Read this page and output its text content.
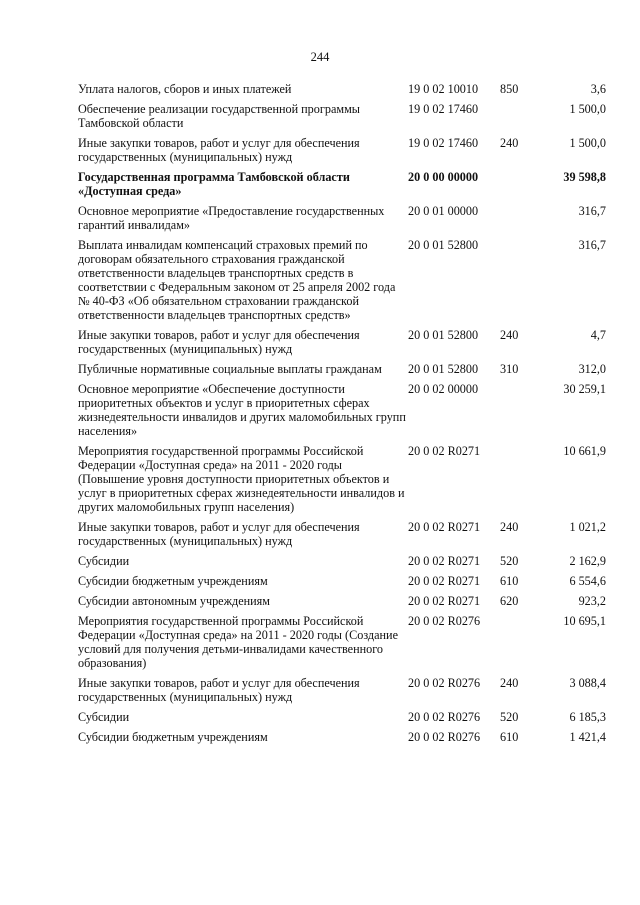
244
Уплата налогов, сборов и иных платежей	19 0 02 10010	850	3,6
Обеспечение реализации государственной программы Тамбовской области	19 0 02 17460		1 500,0
Иные закупки товаров, работ и услуг для обеспечения государственных (муниципальных) нужд	19 0 02 17460	240	1 500,0
Государственная программа Тамбовской области «Доступная среда»	20 0 00 00000		39 598,8
Основное мероприятие «Предоставление государственных гарантий инвалидам»	20 0 01 00000		316,7
Выплата инвалидам компенсаций страховых премий по договорам обязательного страхования гражданской ответственности владельцев транспортных средств в соответствии с Федеральным законом от 25 апреля 2002 года № 40-ФЗ «Об обязательном страховании гражданской ответственности владельцев транспортных средств»	20 0 01 52800		316,7
Иные закупки товаров, работ и услуг для обеспечения государственных (муниципальных) нужд	20 0 01 52800	240	4,7
Публичные нормативные социальные выплаты гражданам	20 0 01 52800	310	312,0
Основное мероприятие «Обеспечение доступности приоритетных объектов и услуг в приоритетных сферах жизнедеятельности инвалидов и других маломобильных групп населения»	20 0 02 00000		30 259,1
Мероприятия государственной программы Российской Федерации «Доступная среда» на 2011 - 2020 годы (Повышение уровня доступности приоритетных объектов и услуг в приоритетных сферах жизнедеятельности инвалидов и других маломобильных групп населения)	20 0 02 R0271		10 661,9
Иные закупки товаров, работ и услуг для обеспечения государственных (муниципальных) нужд	20 0 02 R0271	240	1 021,2
Субсидии	20 0 02 R0271	520	2 162,9
Субсидии бюджетным учреждениям	20 0 02 R0271	610	6 554,6
Субсидии автономным учреждениям	20 0 02 R0271	620	923,2
Мероприятия государственной программы Российской Федерации «Доступная среда» на 2011 - 2020 годы (Создание условий для получения детьми-инвалидами качественного образования)	20 0 02 R0276		10 695,1
Иные закупки товаров, работ и услуг для обеспечения государственных (муниципальных) нужд	20 0 02 R0276	240	3 088,4
Субсидии	20 0 02 R0276	520	6 185,3
Субсидии бюджетным учреждениям	20 0 02 R0276	610	1 421,4
